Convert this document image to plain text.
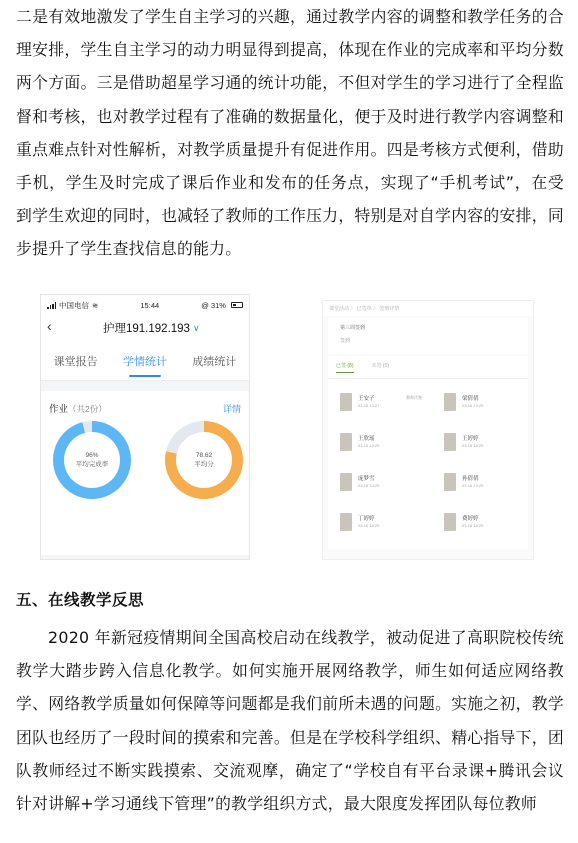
二是有效地激发了学生自主学习的兴趣，通过教学内容的调整和教学任务的合理安排，学生自主学习的动力明显得到提高，体现在作业的完成率和平均分数两个方面。三是借助超星学习通的统计功能，不但对学生的学习进行了全程监督和考核，也对教学过程有了准确的数据量化，便于及时进行教学内容调整和重点难点针对性解析，对教学质量提升有促进作用。四是考核方式便利，借助手机，学生及时完成了课后作业和发布的任务点，实现了“手机考试”，在受到学生欢迎的同时，也减轻了教师的工作压力，特别是对自学内容的安排，同步提升了学生查找信息的能力。
中国电信 ≋	15:44	@ 31%
‹	护理191.192.193 ∨
课堂报告 学情统计 成绩统计
作业（共2份）	详情
96%
平均完成率
78.62
平均分
课堂活动 〉 已签单 〉 签到详情
第三周签到
签到
已签 (8)	未签 (0)
王安子
03-16 14:27
教师代签	梁倩倩
03-16 14:29
王欣瑶
03-16 14:29
王婷婷
03-16 14:29
庞梦雪
03-16 14:29
孙倩倩
03-16 14:29
丁婷婷
03-16 14:29
费婷婷
03-16 14:29
五、在线教学反思
2020 年新冠疫情期间全国高校启动在线教学，被动促进了高职院校传统教学大踏步跨入信息化教学。如何实施开展网络教学，师生如何适应网络教学、网络教学质量如何保障等问题都是我们前所未遇的问题。实施之初，教学团队也经历了一段时间的摸索和完善。但是在学校科学组织、精心指导下，团队教师经过不断实践摸索、交流观摩，确定了“学校自有平台录课+腾讯会议针对讲解+学习通线下管理”的教学组织方式，最大限度发挥团队每位教师
